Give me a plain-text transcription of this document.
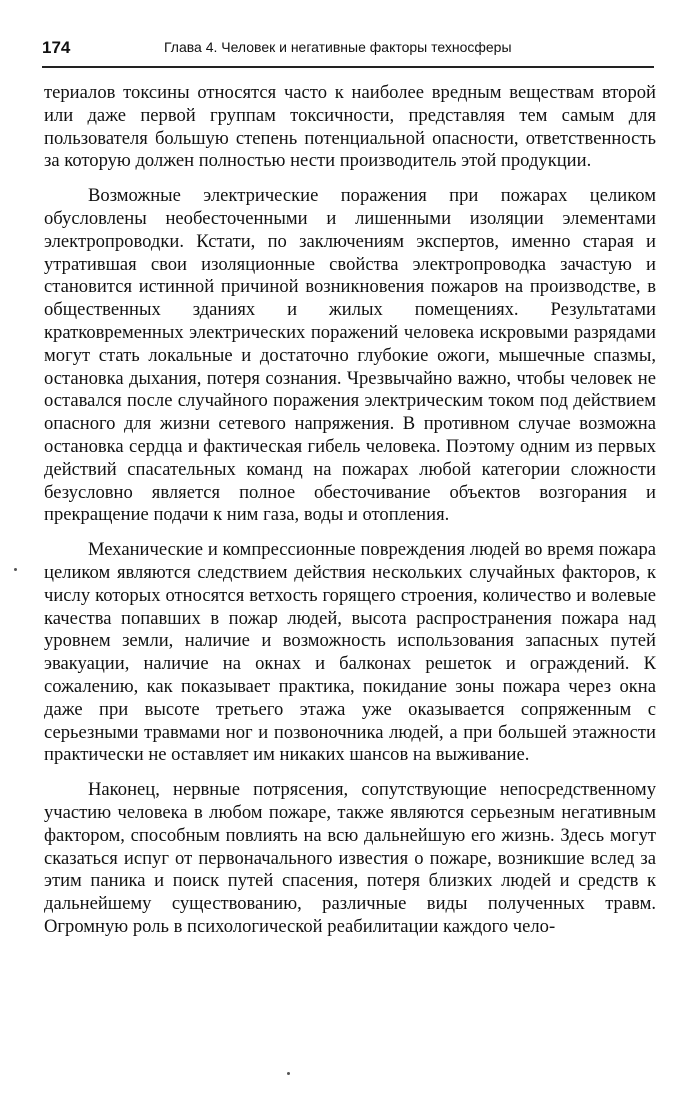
174	Глава 4. Человек и негативные факторы техносферы

териалов токсины относятся часто к наиболее вредным веществам второй или даже первой группам токсичности, представляя тем самым для пользователя большую степень потенциальной опасности, ответственность за которую должен полностью нести производитель этой продукции.

Возможные электрические поражения при пожарах целиком обусловлены необесточенными и лишенными изоляции элементами электропроводки. Кстати, по заключениям экспертов, именно старая и утратившая свои изоляционные свойства электропроводка зачастую и становится истинной причиной возникновения пожаров на производстве, в общественных зданиях и жилых помещениях. Результатами кратковременных электрических поражений человека искровыми разрядами могут стать локальные и достаточно глубокие ожоги, мышечные спазмы, остановка дыхания, потеря сознания. Чрезвычайно важно, чтобы человек не оставался после случайного поражения электрическим током под действием опасного для жизни сетевого напряжения. В противном случае возможна остановка сердца и фактическая гибель человека. Поэтому одним из первых действий спасательных команд на пожарах любой категории сложности безусловно является полное обесточивание объектов возгорания и прекращение подачи к ним газа, воды и отопления.

Механические и компрессионные повреждения людей во время пожара целиком являются следствием действия нескольких случайных факторов, к числу которых относятся ветхость горящего строения, количество и волевые качества попавших в пожар людей, высота распространения пожара над уровнем земли, наличие и возможность использования запасных путей эвакуации, наличие на окнах и балконах решеток и ограждений. К сожалению, как показывает практика, покидание зоны пожара через окна даже при высоте третьего этажа уже оказывается сопряженным с серьезными травмами ног и позвоночника людей, а при большей этажности практически не оставляет им никаких шансов на выживание.

Наконец, нервные потрясения, сопутствующие непосредственному участию человека в любом пожаре, также являются серьезным негативным фактором, способным повлиять на всю дальнейшую его жизнь. Здесь могут сказаться испуг от первоначального известия о пожаре, возникшие вслед за этим паника и поиск путей спасения, потеря близких людей и средств к дальнейшему существованию, различные виды полученных травм. Огромную роль в психологической реабилитации каждого чело-
